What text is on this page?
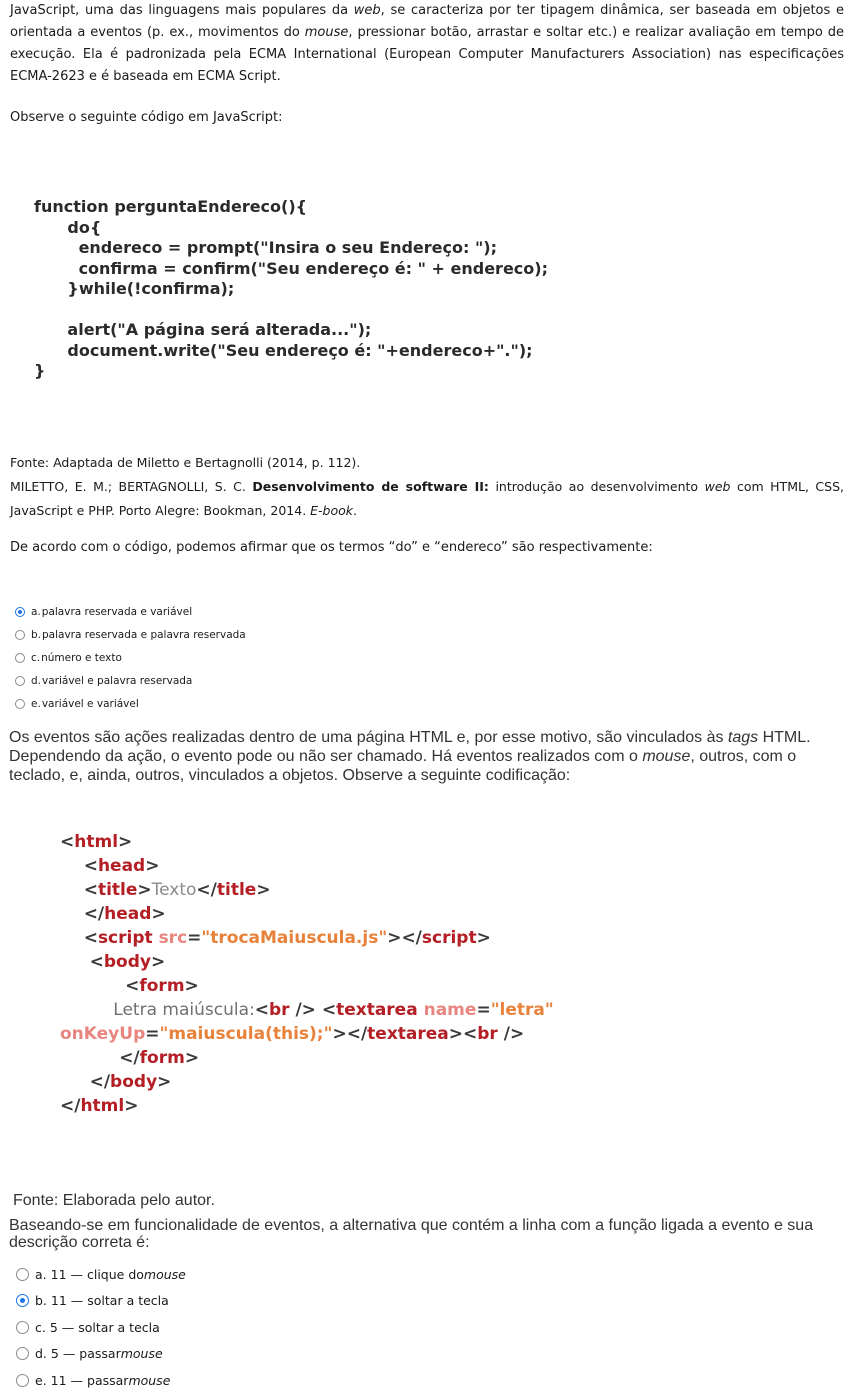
JavaScript, uma das linguagens mais populares da web, se caracteriza por ter tipagem dinâmica, ser baseada em objetos e orientada a eventos (p. ex., movimentos do mouse, pressionar botão, arrastar e soltar etc.) e realizar avaliação em tempo de execução. Ela é padronizada pela ECMA International (European Computer Manufacturers Association) nas especificações ECMA-2623 e é baseada em ECMA Script.
Observe o seguinte código em JavaScript:
function perguntaEndereco(){
do{
endereco = prompt("Insira o seu Endereço: ");
confirma = confirm("Seu endereço é: " + endereco);
}while(!confirma);
alert("A página será alterada...");
document.write("Seu endereço é: "+endereco+".");
}
Fonte: Adaptada de Miletto e Bertagnolli (2014, p. 112).
MILETTO, E. M.; BERTAGNOLLI, S. C. Desenvolvimento de software II: introdução ao desenvolvimento web com HTML, CSS, JavaScript e PHP. Porto Alegre: Bookman, 2014. E-book.
De acordo com o código, podemos afirmar que os termos “do” e “endereco” são respectivamente:
a. palavra reservada e variável
b. palavra reservada e palavra reservada
c. número e texto
d. variável e palavra reservada
e. variável e variável
Os eventos são ações realizadas dentro de uma página HTML e, por esse motivo, são vinculados às tags HTML. Dependendo da ação, o evento pode ou não ser chamado. Há eventos realizados com o mouse, outros, com o teclado, e, ainda, outros, vinculados a objetos. Observe a seguinte codificação:
<html>
<head>
<title>Texto</title>
</head>
<script src="trocaMaiuscula.js"></script>
<body>
<form>
Letra maiúscula:<br /> <textarea name="letra"
onKeyUp="maiuscula(this);"></textarea><br />
</form>
</body>
</html>
Fonte: Elaborada pelo autor.
Baseando-se em funcionalidade de eventos, a alternativa que contém a linha com a função ligada a evento e sua descrição correta é:
a.
11 — clique do mouse
b.
11 — soltar a tecla
c.
5 — soltar a tecla
d.
5 — passar mouse
e.
11 — passar mouse
